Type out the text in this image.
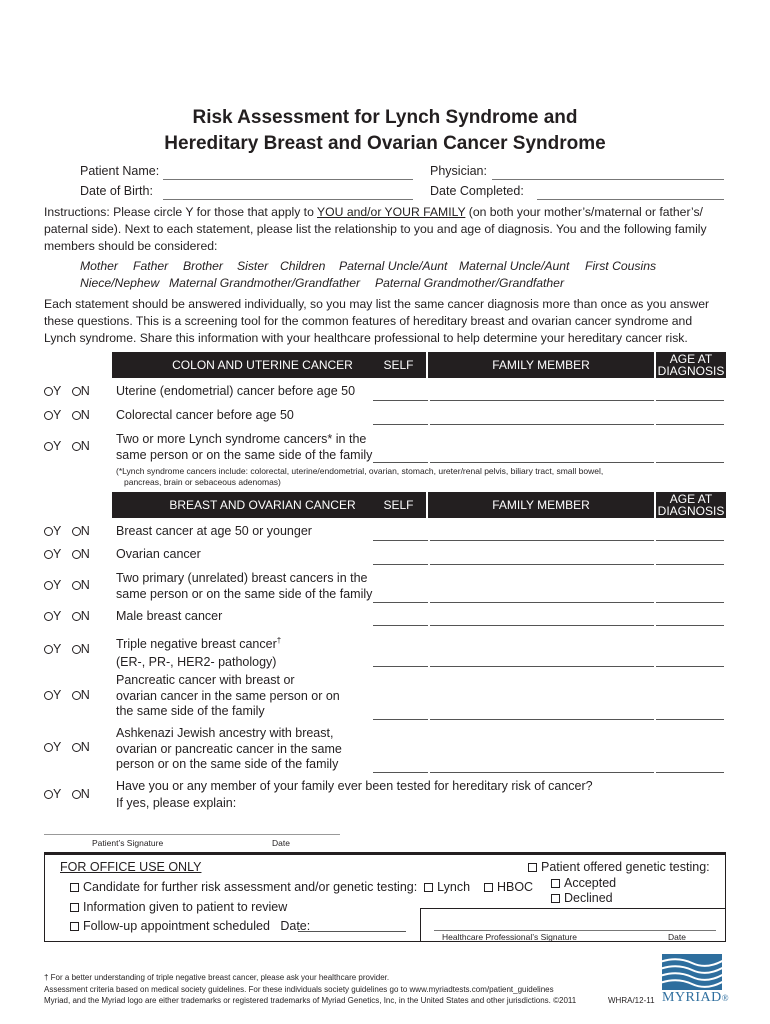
Risk Assessment for Lynch Syndrome and
Hereditary Breast and Ovarian Cancer Syndrome
Patient Name:	Physician:
Date of Birth:	Date Completed:
Instructions: Please circle Y for those that apply to YOU and/or YOUR FAMILY (on both your mother’s/maternal or father’s/
paternal side). Next to each statement, please list the relationship to you and age of diagnosis. You and the following family
members should be considered:
Mother Father Brother Sister Children Paternal Uncle/Aunt Maternal Uncle/Aunt First Cousins
Niece/Nephew Maternal Grandmother/Grandfather Paternal Grandmother/Grandfather
Each statement should be answered individually, so you may list the same cancer diagnosis more than once as you answer
these questions. This is a screening tool for the common features of hereditary breast and ovarian cancer syndrome and
Lynch syndrome. Share this information with your healthcare professional to help determine your hereditary cancer risk.
COLON AND UTERINE CANCER	SELF	FAMILY MEMBER	AGE AT
DIAGNOSIS
Y N Uterine (endometrial) cancer before age 50
Y N Colorectal cancer before age 50
Y N Two or more Lynch syndrome cancers* in the
same person or on the same side of the family
(*Lynch syndrome cancers include: colorectal, uterine/endometrial, ovarian, stomach, ureter/renal pelvis, biliary tract, small bowel,
pancreas, brain or sebaceous adenomas)
BREAST AND OVARIAN CANCER	SELF	FAMILY MEMBER	AGE AT
DIAGNOSIS
Y N Breast cancer at age 50 or younger
Y N Ovarian cancer
Y N Two primary (unrelated) breast cancers in the
same person or on the same side of the family
Y N Male breast cancer
Y N Triple negative breast cancer†
(ER-, PR-, HER2- pathology)
Y N
Pancreatic cancer with breast or
ovarian cancer in the same person or on
the same side of the family
Y N
Ashkenazi Jewish ancestry with breast,
ovarian or pancreatic cancer in the same
person or on the same side of the family
Y N
Have you or any member of your family ever been tested for hereditary risk of cancer?
If yes, please explain:
Patient’s Signature	Date
FOR OFFICE USE ONLY
Candidate for further risk assessment and/or genetic testing: Lynch HBOC
Information given to patient to review
Follow-up appointment scheduled Date:
Patient offered genetic testing:
Accepted
Declined
Healthcare Professional’s Signature	Date
† For a better understanding of triple negative breast cancer, please ask your healthcare provider.
Assessment criteria based on medical society guidelines. For these individuals society guidelines go to www.myriadtests.com/patient_guidelines
Myriad, and the Myriad logo are either trademarks or registered trademarks of Myriad Genetics, Inc, in the United States and other jurisdictions. ©2011	WHRA/12-11 MYRIAD®
